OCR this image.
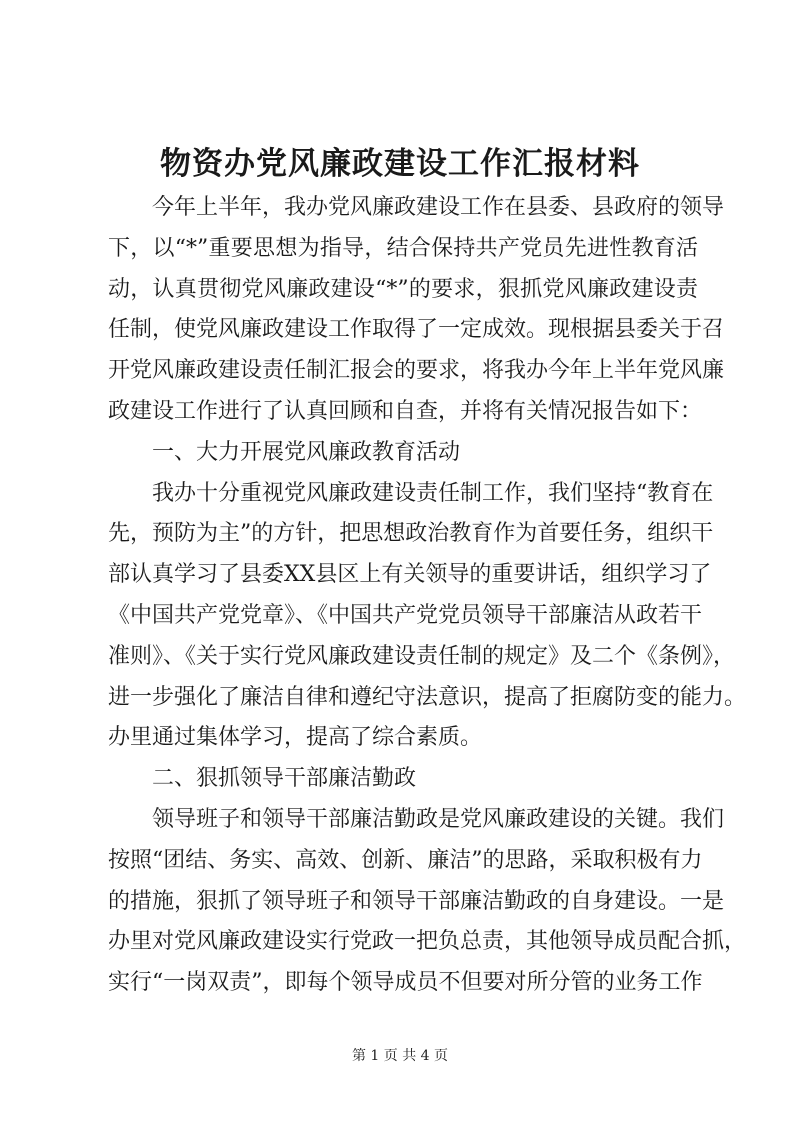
物资办党风廉政建设工作汇报材料
今年上半年，我办党风廉政建设工作在县委、县政府的领导
下，以“*”重要思想为指导，结合保持共产党员先进性教育活
动，认真贯彻党风廉政建设“*”的要求，狠抓党风廉政建设责
任制，使党风廉政建设工作取得了一定成效。现根据县委关于召
开党风廉政建设责任制汇报会的要求，将我办今年上半年党风廉
政建设工作进行了认真回顾和自查，并将有关情况报告如下：
一、大力开展党风廉政教育活动
我办十分重视党风廉政建设责任制工作，我们坚持“教育在
先，预防为主”的方针，把思想政治教育作为首要任务，组织干
部认真学习了县委XX县区上有关领导的重要讲话，组织学习了
《中国共产党党章》、《中国共产党党员领导干部廉洁从政若干
准则》、《关于实行党风廉政建设责任制的规定》及二个《条例》，
进一步强化了廉洁自律和遵纪守法意识，提高了拒腐防变的能力。
办里通过集体学习，提高了综合素质。
二、狠抓领导干部廉洁勤政
领导班子和领导干部廉洁勤政是党风廉政建设的关键。我们
按照“团结、务实、高效、创新、廉洁”的思路，采取积极有力
的措施，狠抓了领导班子和领导干部廉洁勤政的自身建设。一是
办里对党风廉政建设实行党政一把负总责，其他领导成员配合抓，
实行“一岗双责”，即每个领导成员不但要对所分管的业务工作
第 1 页 共 4 页
